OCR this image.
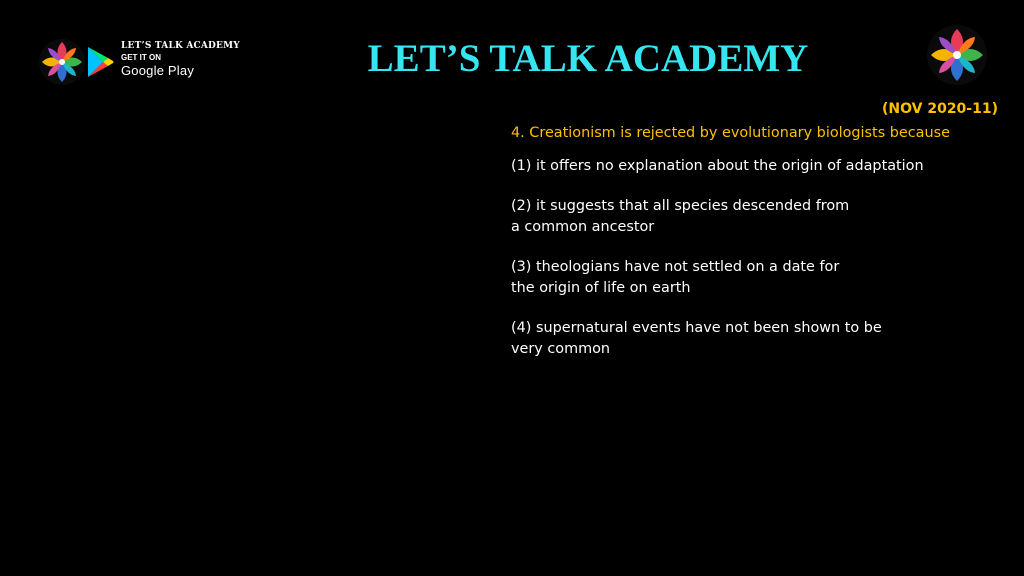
LET’S TALK ACADEMY
GET IT ON
Google Play	LET’S TALK ACADEMY
(NOV 2020-11)
4. Creationism is rejected by evolutionary biologists because
(1) it offers no explanation about the origin of adaptation
(2) it suggests that all species descended from
a common ancestor
(3) theologians have not settled on a date for
the origin of life on earth
(4) supernatural events have not been shown to be
very common
